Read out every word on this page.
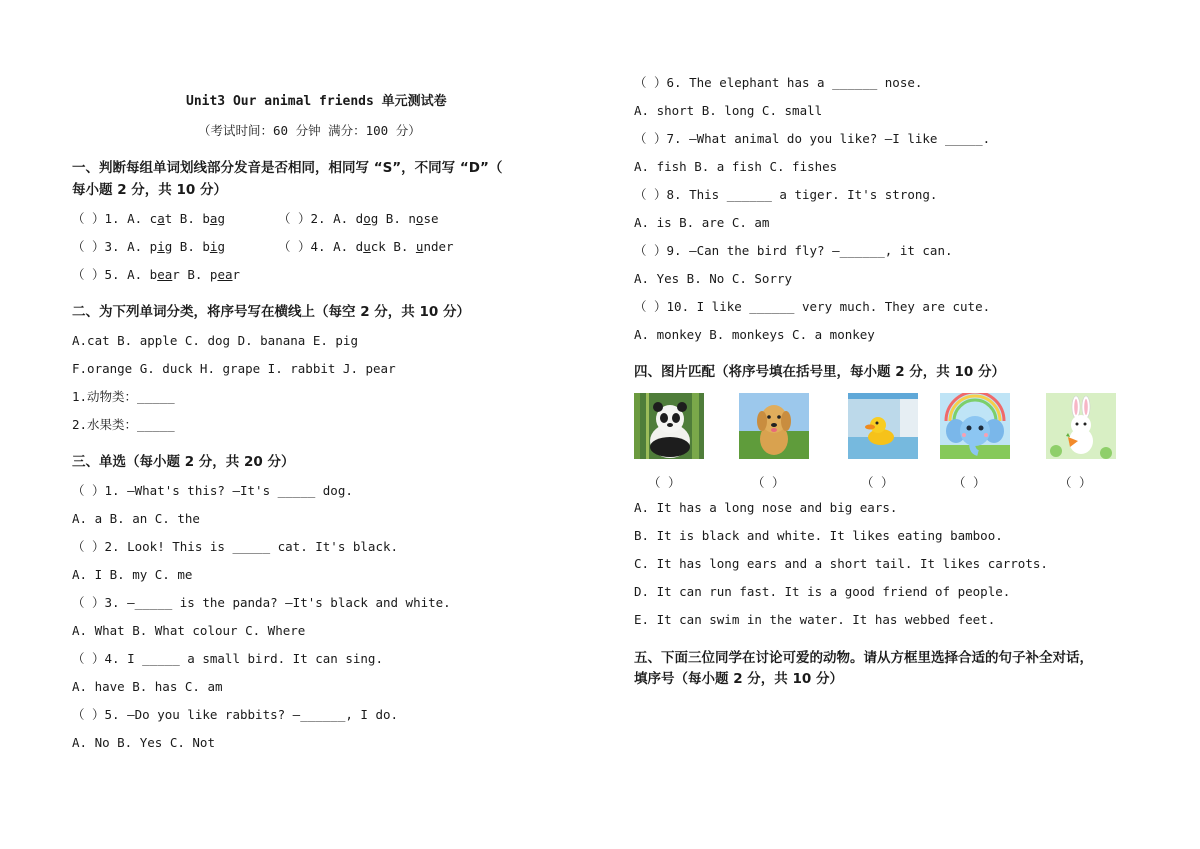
Unit3 Our animal friends 单元测试卷
（考试时间：60 分钟 满分：100 分）
一、判断每组单词划线部分发音是否相同，相同写 “S”，不同写 “D”（
每小题 2 分，共 10 分）
（ ）1. A. cat B. bag	（ ）2. A. dog B. nose
（ ）3. A. pig B. big	（ ）4. A. duck B. under
（ ）5. A. bear B. pear
二、为下列单词分类，将序号写在横线上（每空 2 分，共 10 分）
A.cat B. apple C. dog D. banana E. pig
F.orange G. duck H. grape I. rabbit J. pear
1.动物类：_____
2.水果类：_____
三、单选（每小题 2 分，共 20 分）
（ ）1. —What's this? —It's _____ dog.
A. a B. an C. the
（ ）2. Look! This is _____ cat. It's black.
A. I B. my C. me
（ ）3. —_____ is the panda? —It's black and white.
A. What B. What colour C. Where
（ ）4. I _____ a small bird. It can sing.
A. have B. has C. am
（ ）5. —Do you like rabbits? —______, I do.
A. No B. Yes C. Not
（ ）6. The elephant has a ______ nose.
A. short B. long C. small
（ ）7. —What animal do you like? —I like _____.
A. fish B. a fish C. fishes
（ ）8. This ______ a tiger. It's strong.
A. is B. are C. am
（ ）9. —Can the bird fly? —______, it can.
A. Yes B. No C. Sorry
（ ）10. I like ______ very much. They are cute.
A. monkey B. monkeys C. a monkey
四、图片匹配（将序号填在括号里，每小题 2 分，共 10 分）
（ ）	（ ）	（ ）	（ ）	（ ）
A. It has a long nose and big ears.
B. It is black and white. It likes eating bamboo.
C. It has long ears and a short tail. It likes carrots.
D. It can run fast. It is a good friend of people.
E. It can swim in the water. It has webbed feet.
五、下面三位同学在讨论可爱的动物。请从方框里选择合适的句子补全对话，
填序号（每小题 2 分，共 10 分）
